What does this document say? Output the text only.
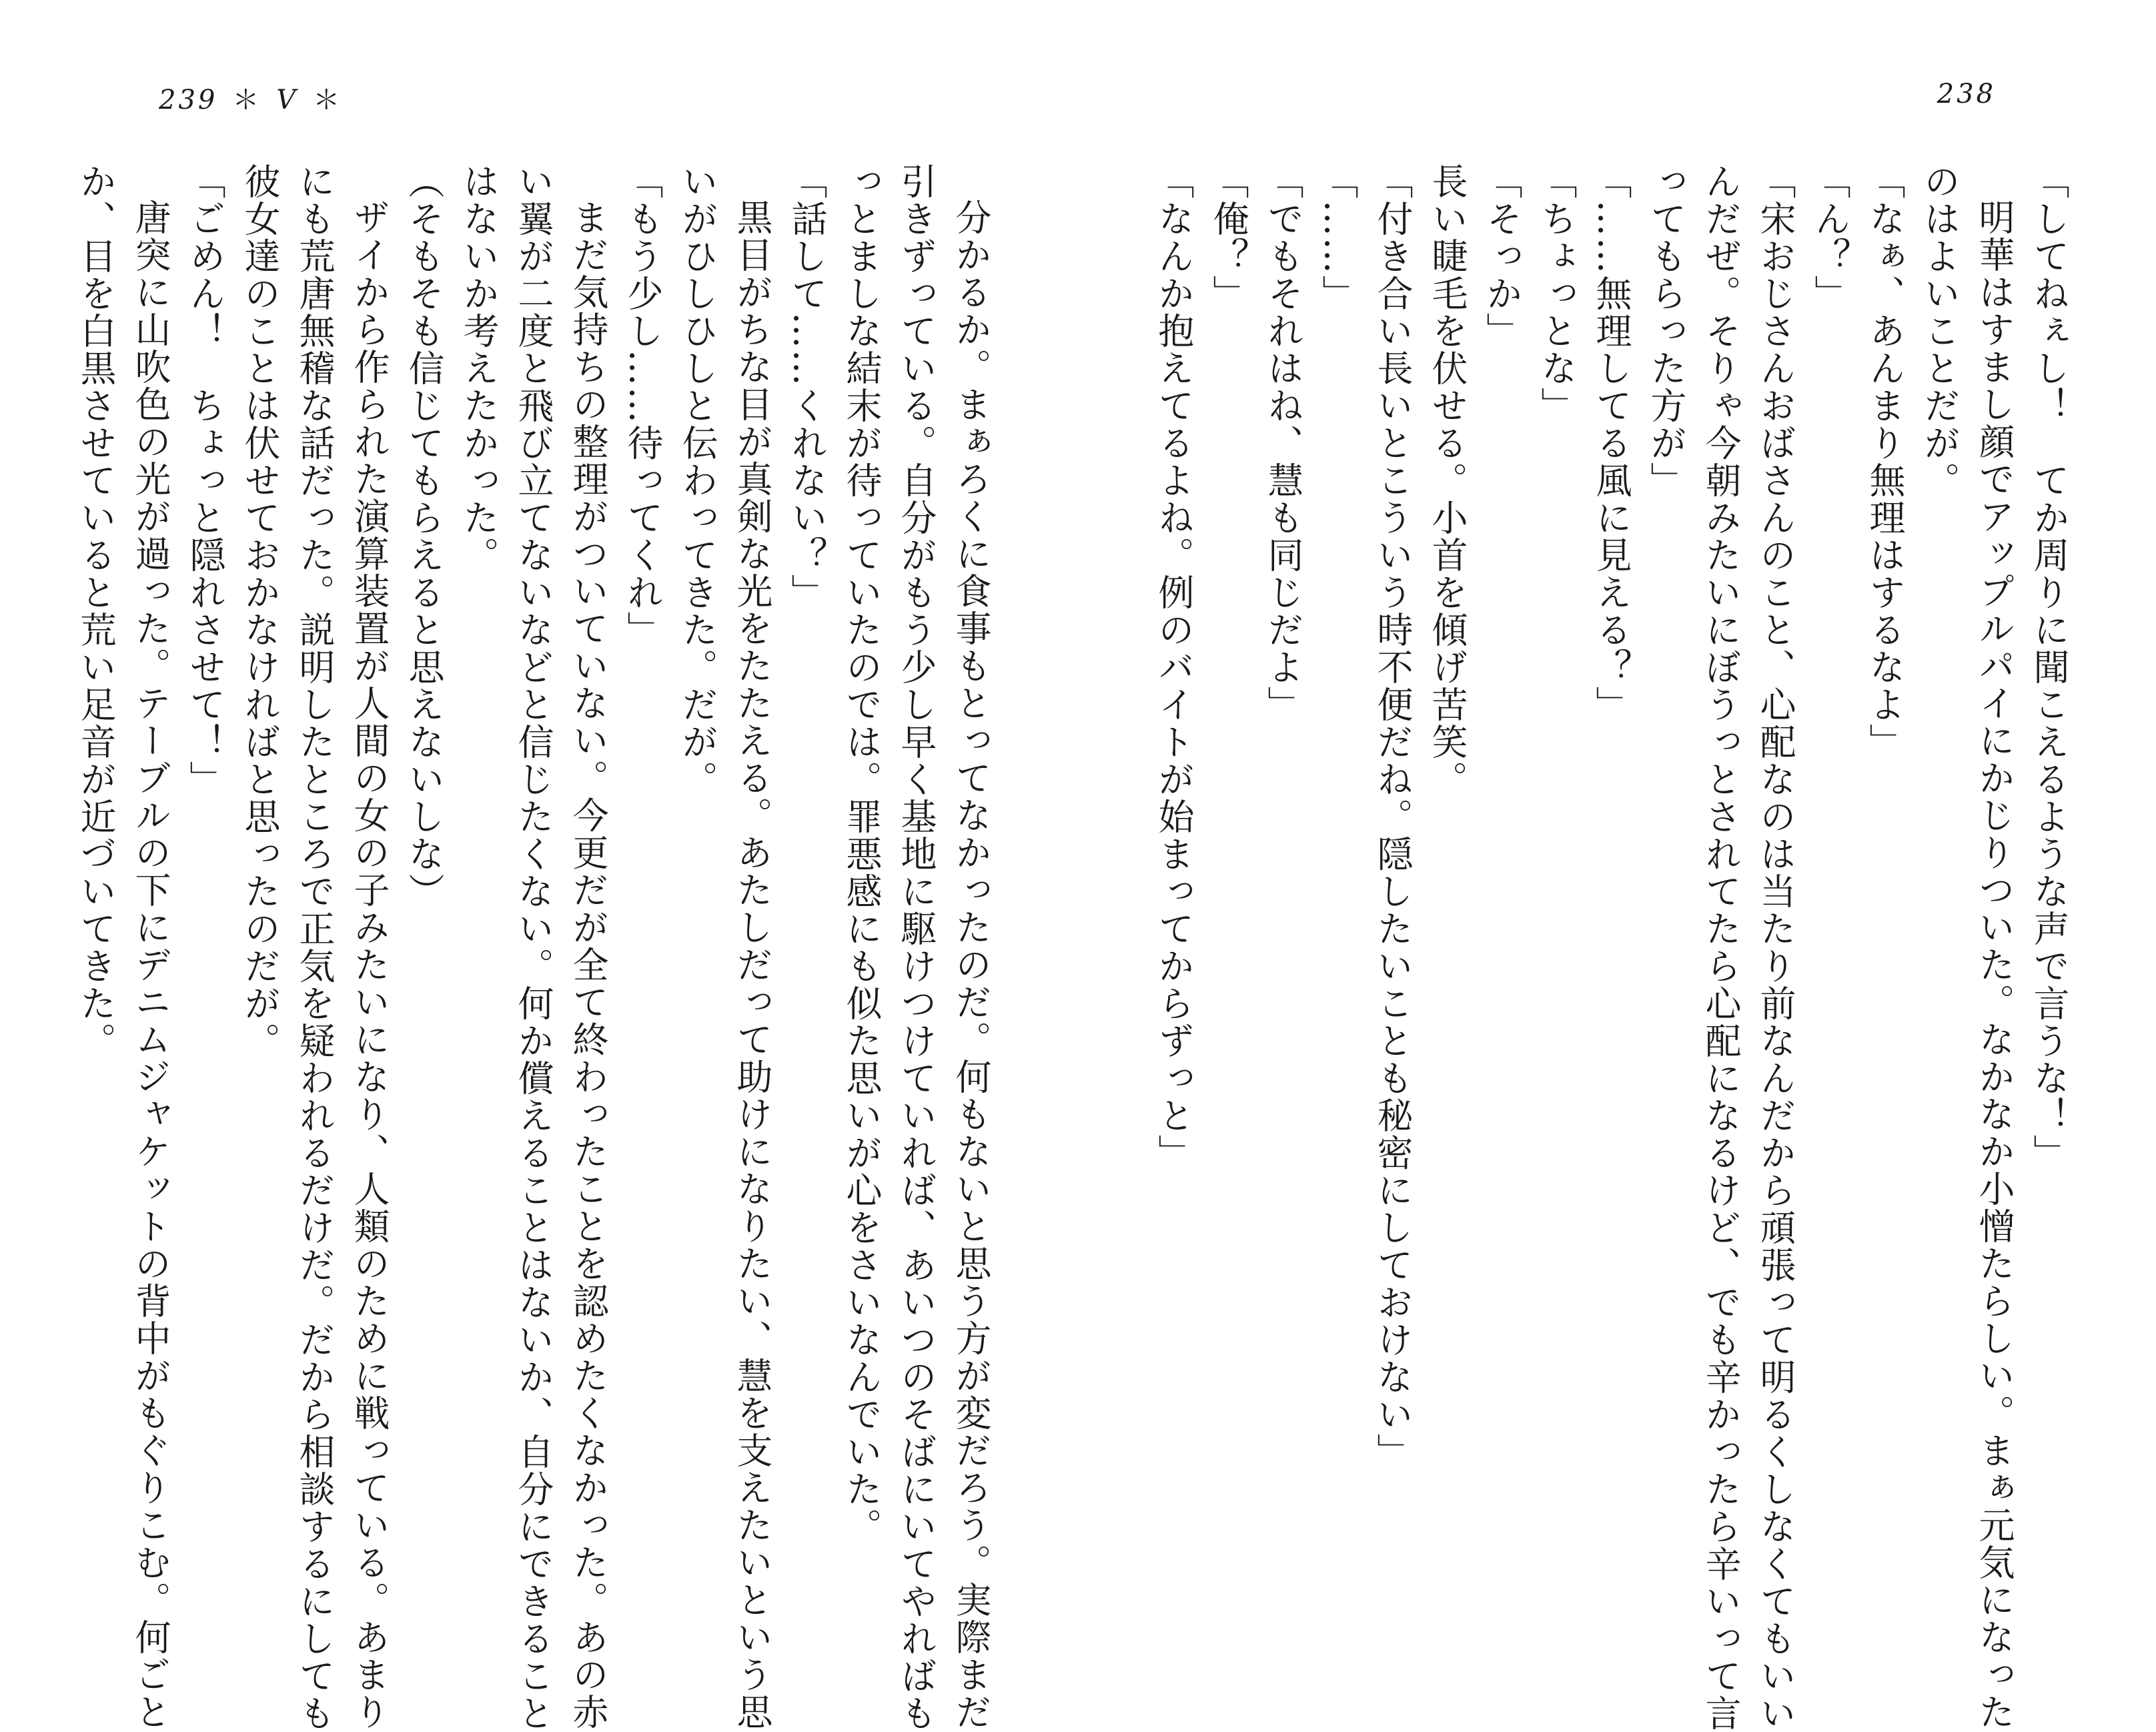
239 ＊ V ＊
分かるか。まぁろくに食事もとってなかったのだ。何もないと思う方が変だろう。実際まだ
引きずっている。自分がもう少し早く基地に駆けつけていれば、あいつのそばにいてやればも
っとましな結末が待っていたのでは。罪悪感にも似た思いが心をさいなんでいた。
「話して……くれない？」
黒目がちな目が真剣な光をたたえる。あたしだって助けになりたい、慧を支えたいという思
いがひしひしと伝わってきた。だが。
「もう少し……待ってくれ」
まだ気持ちの整理がついていない。今更だが全て終わったことを認めたくなかった。あの赤
い翼が二度と飛び立てないなどと信じたくない。何か償えることはないか、自分にできること
はないか考えたかった。
（そもそも信じてもらえると思えないしな）
ザイから作られた演算装置が人間の女の子みたいになり、人類のために戦っている。あまり
にも荒唐無稽な話だった。説明したところで正気を疑われるだけだ。だから相談するにしても
彼女達のことは伏せておかなければと思ったのだが。
「ごめん！　ちょっと隠れさせて！」
唐突に山吹色の光が過った。テーブルの下にデニムジャケットの背中がもぐりこむ。何ごと
か、目を白黒させていると荒い足音が近づいてきた。
238
「してねぇし！　てか周りに聞こえるような声で言うな！」
明華はすまし顔でアップルパイにかじりついた。なかなか小憎たらしい。まぁ元気になった
のはよいことだが。
「なぁ、あんまり無理はするなよ」
「ん？」
「宋おじさんおばさんのこと、心配なのは当たり前なんだから頑張って明るくしなくてもいい
んだぜ。そりゃ今朝みたいにぼうっとされてたら心配になるけど、でも辛かったら辛いって言
ってもらった方が」
「……無理してる風に見える？」
「ちょっとな」
「そっか」
長い睫毛を伏せる。小首を傾げ苦笑。
「付き合い長いとこういう時不便だね。隠したいことも秘密にしておけない」
「……」
「でもそれはね、慧も同じだよ」
「俺？」
「なんか抱えてるよね。例のバイトが始まってからずっと」
